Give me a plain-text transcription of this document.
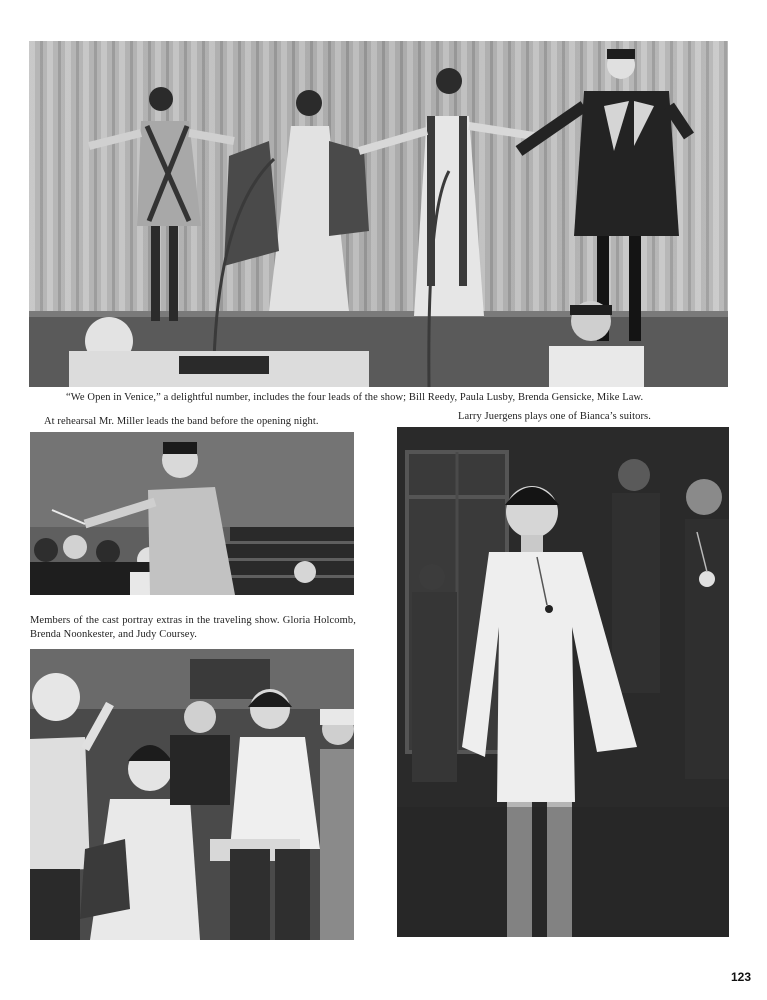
“We Open in Venice,” a delightful number, includes the four leads of the show; Bill Reedy, Paula Lusby, Brenda Gensicke, Mike Law.
At rehearsal Mr. Miller leads the band before the opening night.
Members of the cast portray extras in the traveling show. Gloria Holcomb, Brenda Noonkester, and Judy Coursey.
Larry Juergens plays one of Bianca’s suitors.
123
